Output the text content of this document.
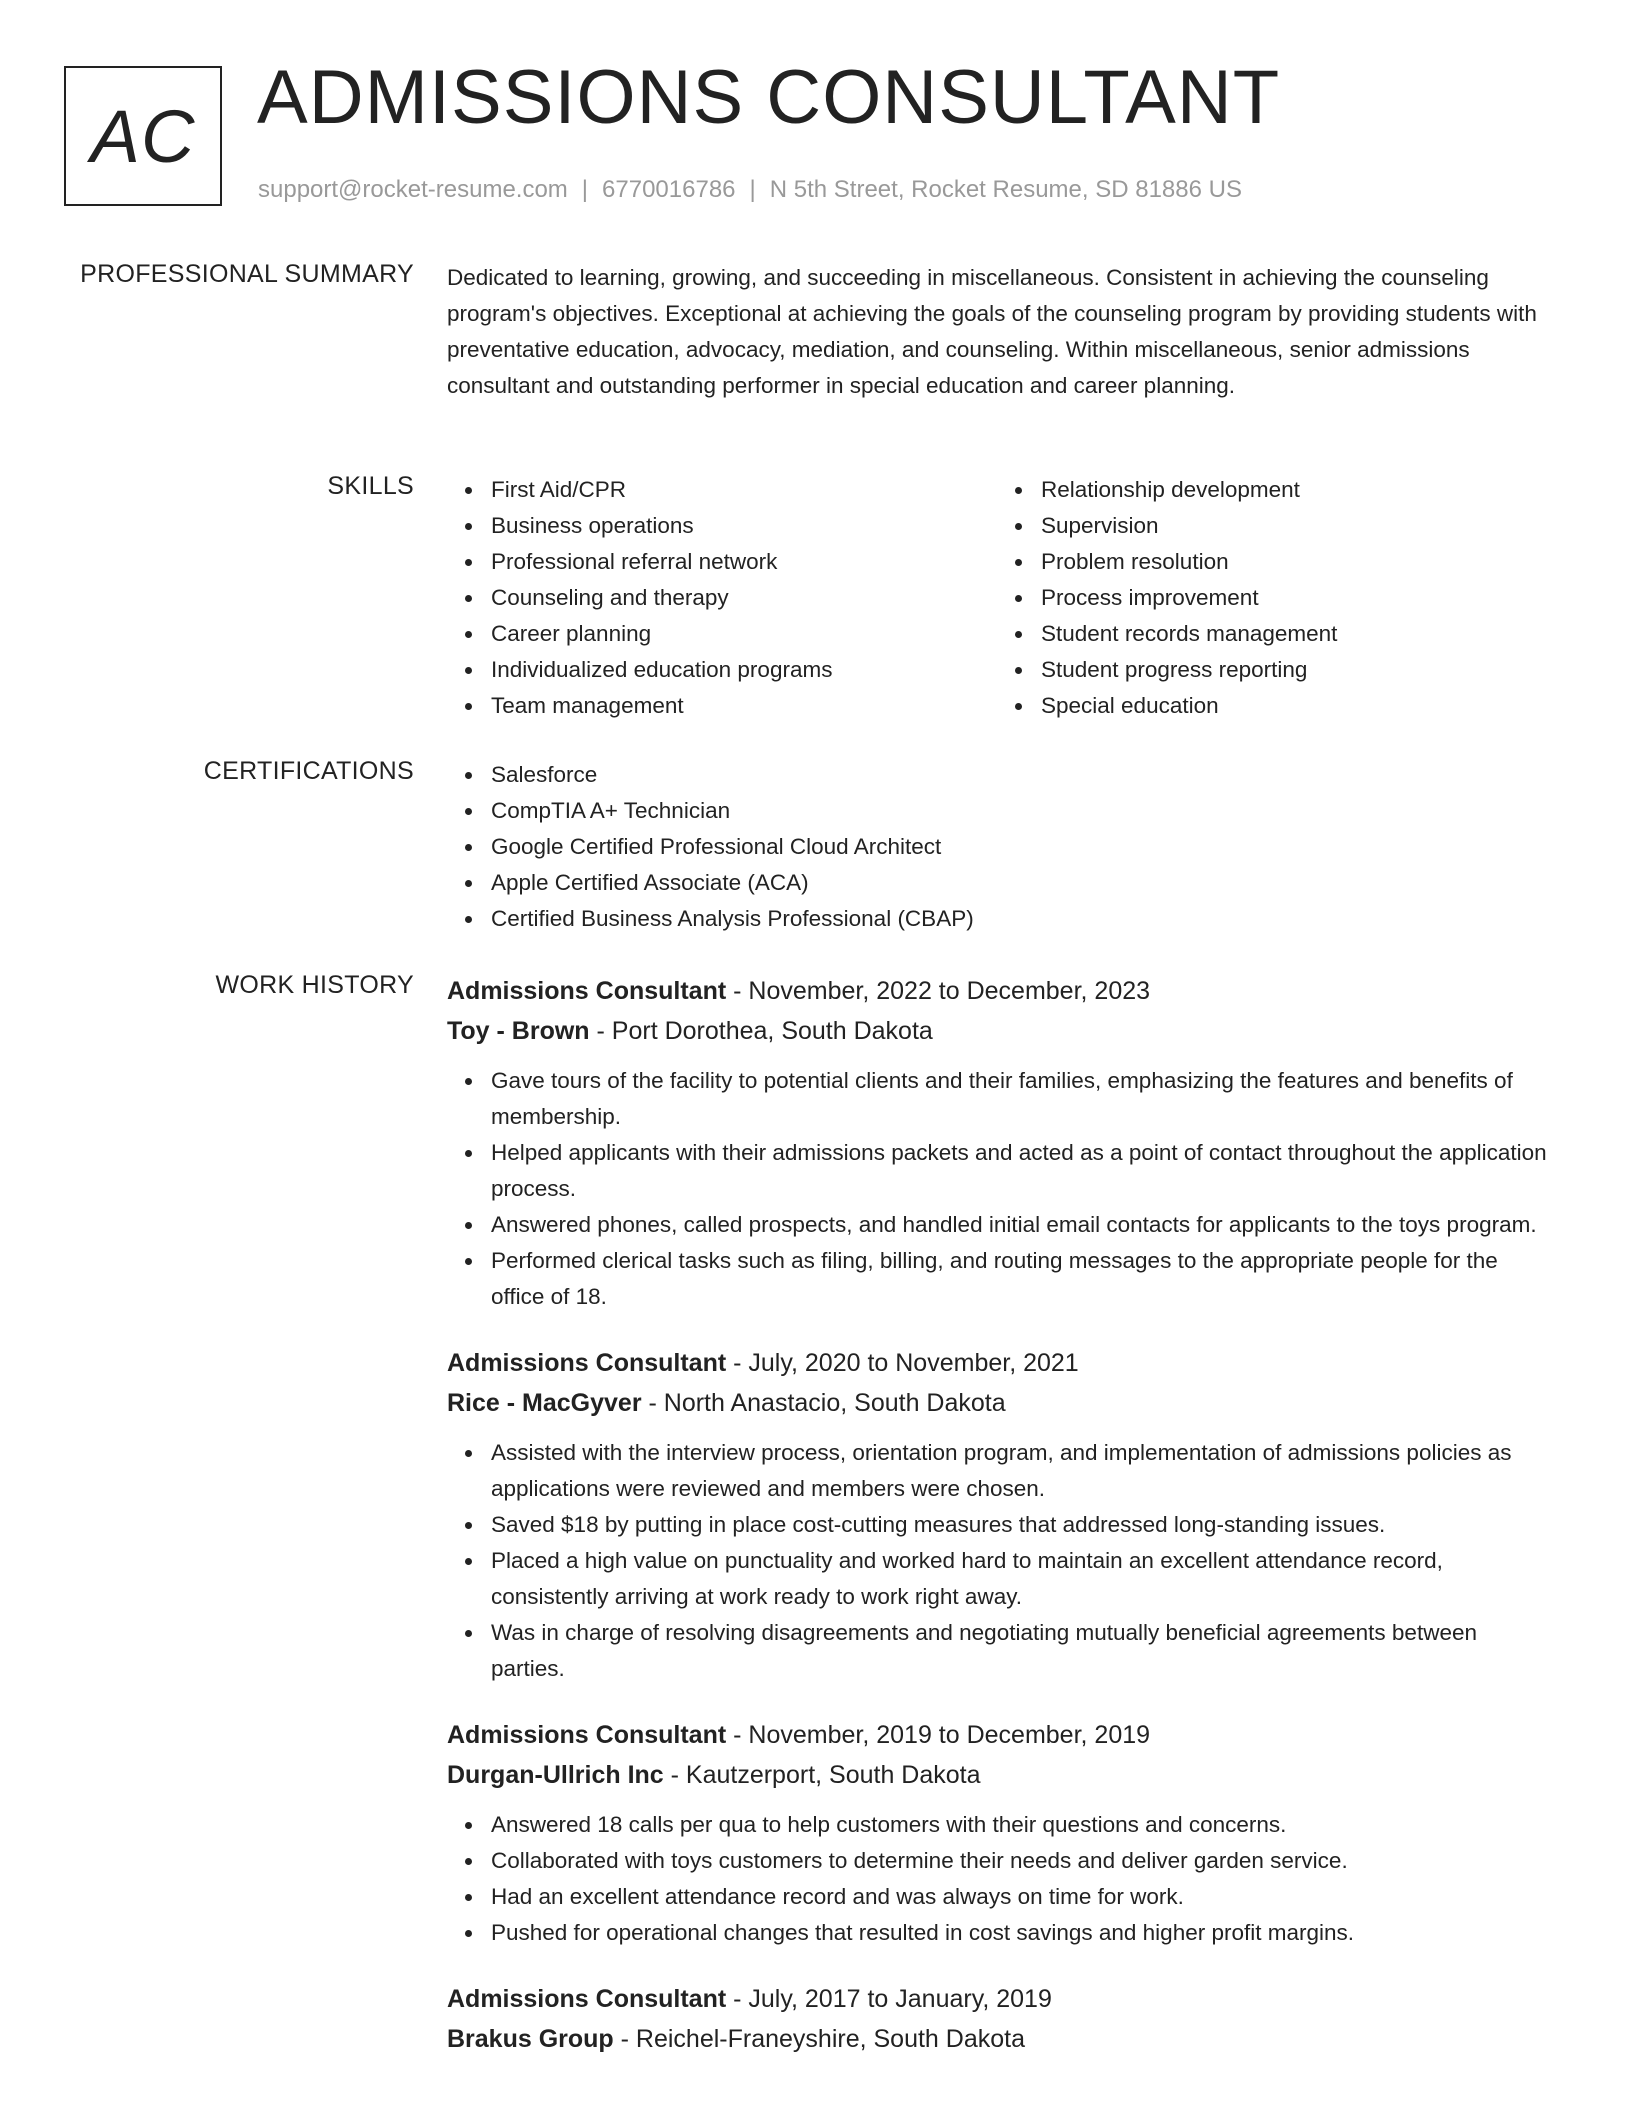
AC ADMISSIONS CONSULTANT
support@rocket-resume.com | 6770016786 | N 5th Street, Rocket Resume, SD 81886 US
PROFESSIONAL SUMMARY Dedicated to learning, growing, and succeeding in miscellaneous. Consistent in achieving the counseling program's objectives. Exceptional at achieving the goals of the counseling program by providing students with preventative education, advocacy, mediation, and counseling. Within miscellaneous, senior admissions consultant and outstanding performer in special education and career planning.

SKILLS	First Aid/CPR
Business operations
Professional referral network
Counseling and therapy
Career planning
Individualized education programs
Team management
Relationship development
Supervision
Problem resolution
Process improvement
Student records management
Student progress reporting
Special education
CERTIFICATIONS	Salesforce
CompTIA A+ Technician
Google Certified Professional Cloud Architect
Apple Certified Associate (ACA)
Certified Business Analysis Professional (CBAP)
WORK HISTORY Admissions Consultant - November, 2022 to December, 2023
Toy - Brown - Port Dorothea, South Dakota
Gave tours of the facility to potential clients and their families, emphasizing the features and benefits of membership.
Helped applicants with their admissions packets and acted as a point of contact throughout the application process.
Answered phones, called prospects, and handled initial email contacts for applicants to the toys program.
Performed clerical tasks such as filing, billing, and routing messages to the appropriate people for the office of 18.
Admissions Consultant - July, 2020 to November, 2021
Rice - MacGyver - North Anastacio, South Dakota
Assisted with the interview process, orientation program, and implementation of admissions policies as applications were reviewed and members were chosen.
Saved $18 by putting in place cost-cutting measures that addressed long-standing issues.
Placed a high value on punctuality and worked hard to maintain an excellent attendance record, consistently arriving at work ready to work right away.
Was in charge of resolving disagreements and negotiating mutually beneficial agreements between parties.
Admissions Consultant - November, 2019 to December, 2019
Durgan-Ullrich Inc - Kautzerport, South Dakota
Answered 18 calls per qua to help customers with their questions and concerns.
Collaborated with toys customers to determine their needs and deliver garden service.
Had an excellent attendance record and was always on time for work.
Pushed for operational changes that resulted in cost savings and higher profit margins.
Admissions Consultant - July, 2017 to January, 2019
Brakus Group - Reichel-Franeyshire, South Dakota
